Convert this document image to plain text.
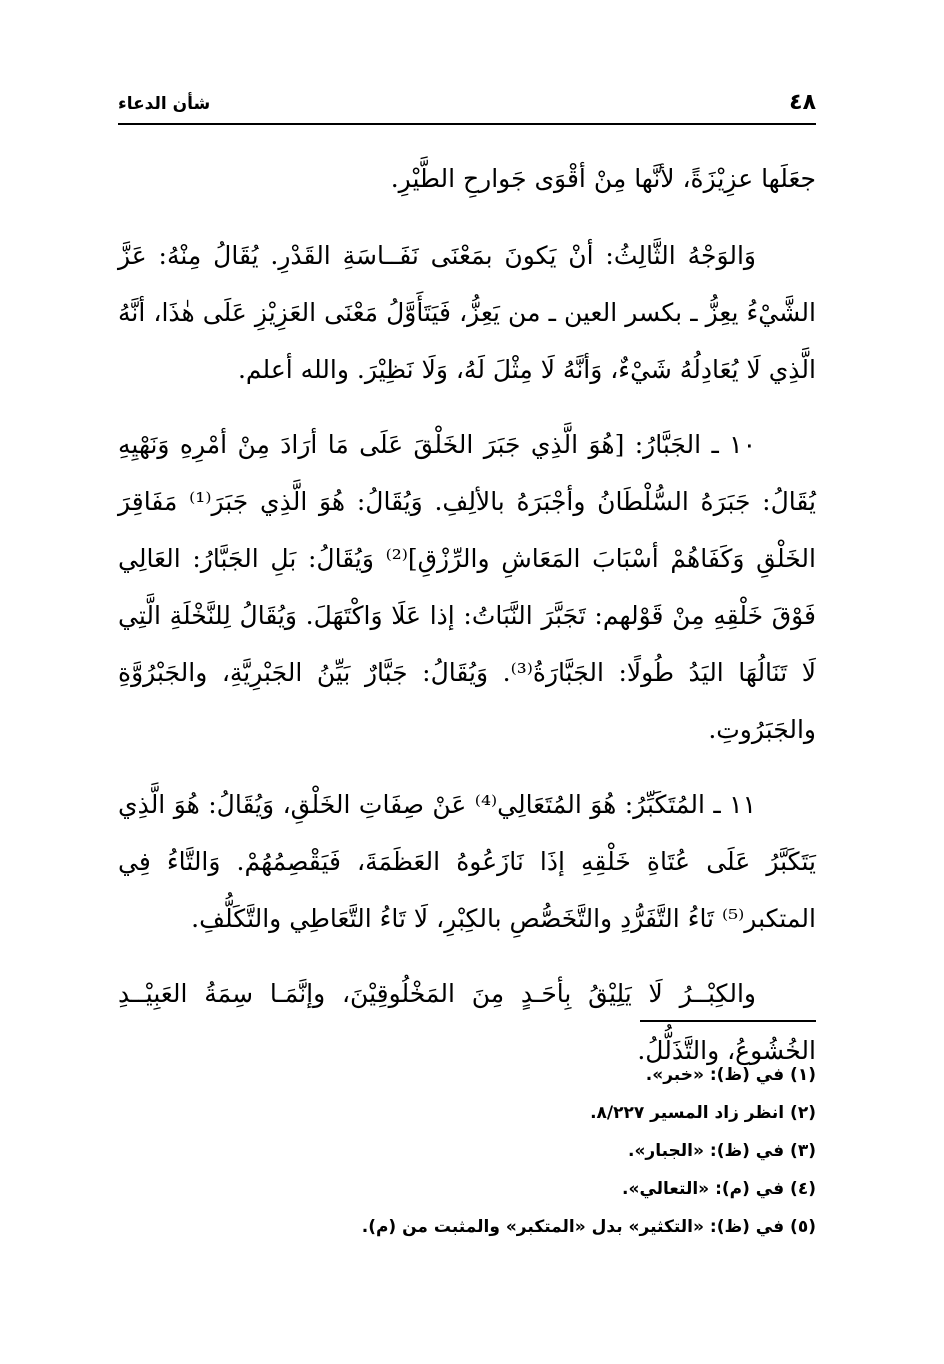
٤٨
شأن الدعاء

جعَلَها عزِيْزَةً، لأنَّها مِنْ أقْوَى جَوارحِ الطَّيْرِ.

وَالوَجْهُ الثَّالِثُ: أنْ يَكونَ بمَعْنَى نَفَــاسَةِ القَدْرِ. يُقَالُ مِنْهُ: عَزَّ الشَّيْءُ يعِزُّ ـ بكسر العين ـ من يَعِزُّ، فَيَتَأَوَّلُ مَعْنَى العَزِيْزِ عَلَى هٰذَا، أنَّهُ الَّذِي لَا يُعَادِلُهُ شَيْءٌ، وَأنَّهُ لَا مِثْلَ لَهُ، وَلَا نَظِيْرَ. والله أعلم.

١٠ ـ الجَبَّارُ: [هُوَ الَّذِي جَبَرَ الخَلْقَ عَلَى مَا أرَادَ مِنْ أمْرِهِ وَنَهْيِهِ يُقَالُ: جَبَرَهُ السُّلْطَانُ وأجْبَرَهُ بالألِفِ. وَيُقَالُ: هُوَ الَّذِي جَبَرَ⁽¹⁾ مَفَاقِرَ الخَلْقِ وَكَفَاهُمْ أسْبَابَ المَعَاشِ والرِّزْقِ]⁽²⁾ وَيُقَالُ: بَلِ الجَبَّارُ: العَالِي فَوْقَ خَلْقِهِ مِنْ قَوْلهم: تَجَبَّرَ النَّبَاتُ: إذا عَلَا وَاكْتَهَلَ. وَيُقَالُ لِلنَّخْلَةِ الَّتِي لَا تَنَالُهَا اليَدُ طُولًا: الجَبَّارَةُ⁽³⁾. وَيُقَالُ: جَبَّارٌ بَيِّنُ الجَبْرِيَّةِ، والجَبْرُوَّةِ والجَبَرُوتِ.

١١ ـ المُتَكَبِّرُ: هُوَ المُتَعَالِي⁽⁴⁾ عَنْ صِفَاتِ الخَلْقِ، وَيُقَالُ: هُوَ الَّذِي يَتَكَبَّرُ عَلَى عُتَاةِ خَلْقِهِ إذَا نَازَعُوهُ العَظَمَةَ، فَيَقْصِمُهُمْ. وَالتَّاءُ فِي المتكبر⁽⁵⁾ تَاءُ التَّفَرُّدِ والتَّخَصُّصِ بالكِبْرِ، لَا تَاءُ التَّعَاطِي والتَّكَلُّفِ.

والكِبْــرُ لَا يَلِيْقُ بِأحَـدٍ مِنَ المَخْلُوقِيْنَ، وإنَّمَـا سِمَةُ العَبِيْــدِ الخُشُوعُ، والتَّذَلُّلُ.

(١) في (ظ): «خبر».
(٢) انظر زاد المسير ٨/٢٢٧.
(٣) في (ظ): «الجبار».
(٤) في (م): «التعالي».
(٥) في (ظ): «التكثير» بدل «المتكبر» والمثبت من (م).
